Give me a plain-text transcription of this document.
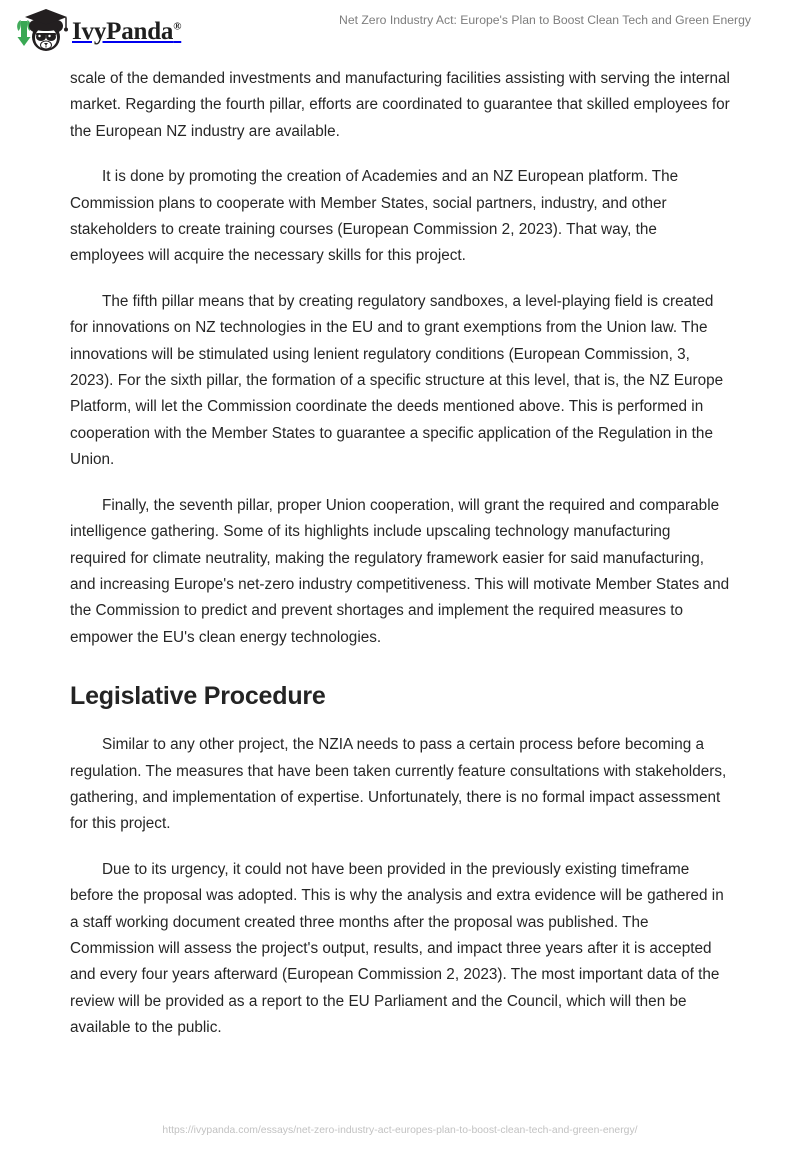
IvyPanda®	Net Zero Industry Act: Europe's Plan to Boost Clean Tech and Green Energy

scale of the demanded investments and manufacturing facilities assisting with serving the internal market. Regarding the fourth pillar, efforts are coordinated to guarantee that skilled employees for the European NZ industry are available.

It is done by promoting the creation of Academies and an NZ European platform. The Commission plans to cooperate with Member States, social partners, industry, and other stakeholders to create training courses (European Commission 2, 2023). That way, the employees will acquire the necessary skills for this project.

The fifth pillar means that by creating regulatory sandboxes, a level-playing field is created for innovations on NZ technologies in the EU and to grant exemptions from the Union law. The innovations will be stimulated using lenient regulatory conditions (European Commission, 3, 2023). For the sixth pillar, the formation of a specific structure at this level, that is, the NZ Europe Platform, will let the Commission coordinate the deeds mentioned above. This is performed in cooperation with the Member States to guarantee a specific application of the Regulation in the Union.

Finally, the seventh pillar, proper Union cooperation, will grant the required and comparable intelligence gathering. Some of its highlights include upscaling technology manufacturing required for climate neutrality, making the regulatory framework easier for said manufacturing, and increasing Europe's net-zero industry competitiveness. This will motivate Member States and the Commission to predict and prevent shortages and implement the required measures to empower the EU's clean energy technologies.

Legislative Procedure

Similar to any other project, the NZIA needs to pass a certain process before becoming a regulation. The measures that have been taken currently feature consultations with stakeholders, gathering, and implementation of expertise. Unfortunately, there is no formal impact assessment for this project.

Due to its urgency, it could not have been provided in the previously existing timeframe before the proposal was adopted. This is why the analysis and extra evidence will be gathered in a staff working document created three months after the proposal was published. The Commission will assess the project's output, results, and impact three years after it is accepted and every four years afterward (European Commission 2, 2023). The most important data of the review will be provided as a report to the EU Parliament and the Council, which will then be available to the public.

https://ivypanda.com/essays/net-zero-industry-act-europes-plan-to-boost-clean-tech-and-green-energy/
